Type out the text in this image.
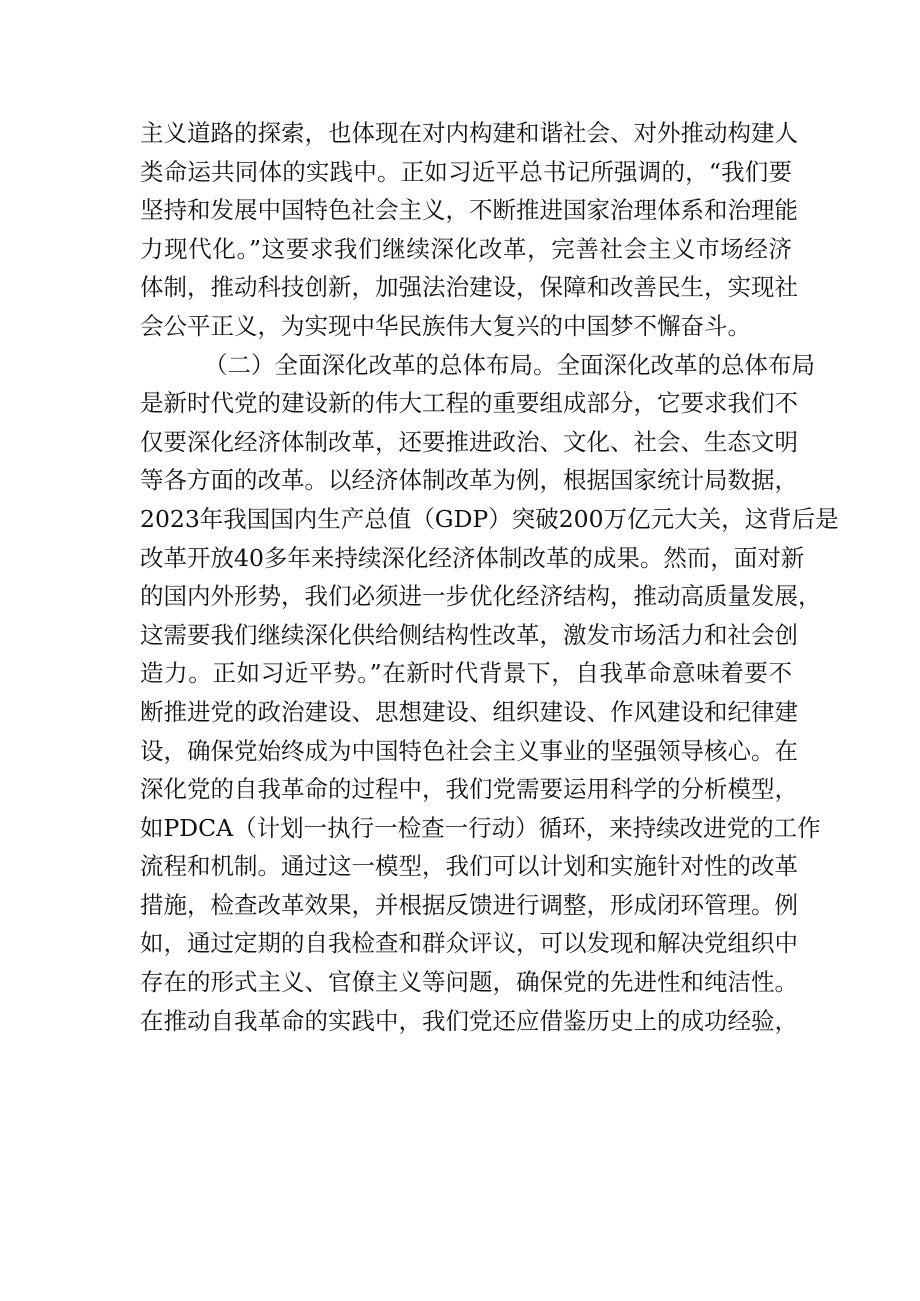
主义道路的探索，也体现在对内构建和谐社会、对外推动构建人
类命运共同体的实践中。正如习近平总书记所强调的，“我们要
坚持和发展中国特色社会主义，不断推进国家治理体系和治理能
力现代化。”这要求我们继续深化改革，完善社会主义市场经济
体制，推动科技创新，加强法治建设，保障和改善民生，实现社
会公平正义，为实现中华民族伟大复兴的中国梦不懈奋斗。
（二）全面深化改革的总体布局。全面深化改革的总体布局
是新时代党的建设新的伟大工程的重要组成部分，它要求我们不
仅要深化经济体制改革，还要推进政治、文化、社会、生态文明
等各方面的改革。以经济体制改革为例，根据国家统计局数据，
2023年我国国内生产总值（GDP）突破200万亿元大关，这背后是
改革开放40多年来持续深化经济体制改革的成果。然而，面对新
的国内外形势，我们必须进一步优化经济结构，推动高质量发展，
这需要我们继续深化供给侧结构性改革，激发市场活力和社会创
造力。正如习近平势。”在新时代背景下，自我革命意味着要不
断推进党的政治建设、思想建设、组织建设、作风建设和纪律建
设，确保党始终成为中国特色社会主义事业的坚强领导核心。在
深化党的自我革命的过程中，我们党需要运用科学的分析模型，
如PDCA（计划一执行一检查一行动）循环，来持续改进党的工作
流程和机制。通过这一模型，我们可以计划和实施针对性的改革
措施，检查改革效果，并根据反馈进行调整，形成闭环管理。例
如，通过定期的自我检查和群众评议，可以发现和解决党组织中
存在的形式主义、官僚主义等问题，确保党的先进性和纯洁性。
在推动自我革命的实践中，我们党还应借鉴历史上的成功经验，
